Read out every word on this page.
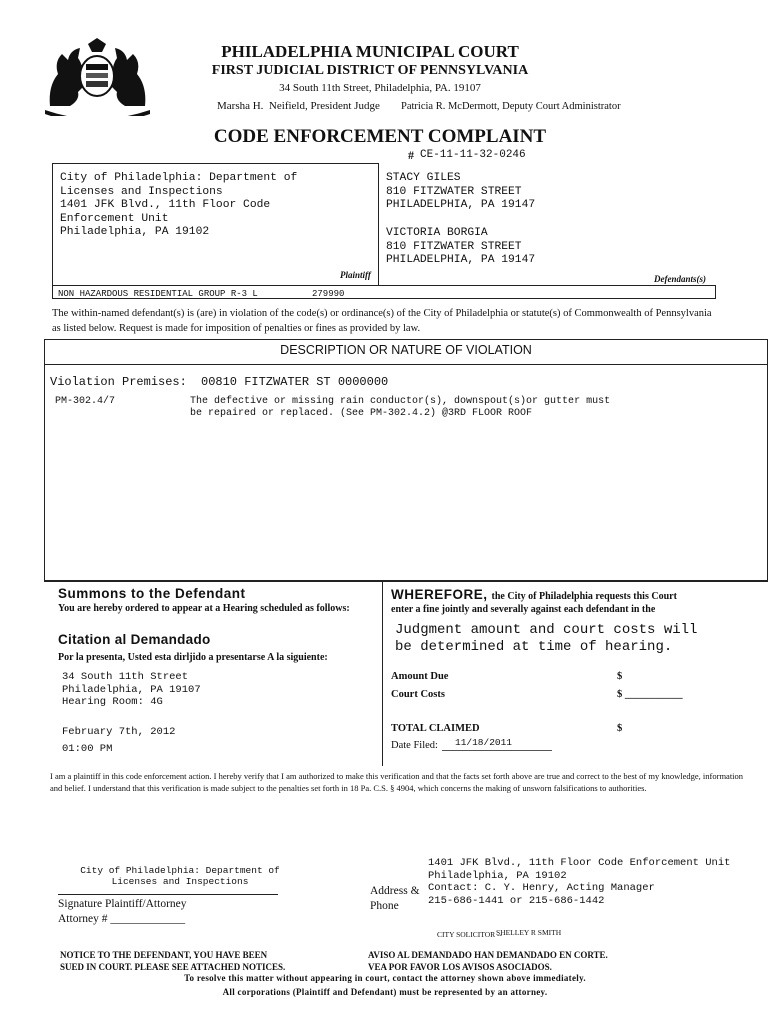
PHILADELPHIA MUNICIPAL COURT
FIRST JUDICIAL DISTRICT OF PENNSYLVANIA
34 South 11th Street, Philadelphia, PA. 19107
Marsha H.  Neifield, President Judge Patricia R. McDermott, Deputy Court Administrator
CODE ENFORCEMENT COMPLAINT
# CE-11-11-32-0246
City of Philadelphia: Department of
Licenses and Inspections
1401 JFK Blvd., 11th Floor Code
Enforcement Unit
Philadelphia, PA 19102
Plaintiff
STACY GILES
810 FITZWATER STREET
PHILADELPHIA, PA 19147
VICTORIA BORGIA
810 FITZWATER STREET
PHILADELPHIA, PA 19147
Defendants(s)
NON HAZARDOUS RESIDENTIAL GROUP R-3 L	279990
The within-named defendant(s) is (are) in violation of the code(s) or ordinance(s) of the City of Philadelphia or statute(s) of Commonwealth of Pennsylvania as listed below. Request is made for imposition of penalties or fines as provided by law.
DESCRIPTION OR NATURE OF VIOLATION
Violation Premises: 00810 FITZWATER ST 0000000
PM-302.4/7	The defective or missing rain conductor(s), downspout(s)or gutter must
be repaired or replaced. (See PM-302.4.2) @3RD FLOOR ROOF
Summons to the Defendant
You are hereby ordered to appear at a Hearing scheduled as follows:
Citation al Demandado
Por la presenta, Usted esta dirljido a presentarse A la siguiente:
34 South 11th Street
Philadelphia, PA 19107
Hearing Room: 4G
February 7th, 2012
01:00 PM
WHEREFORE, the City of Philadelphia requests this Court
enter a fine jointly and severally against each defendant in the
Judgment amount and court costs will
be determined at time of hearing.
Amount Due	$
Court Costs	$ ___________
TOTAL CLAIMED	$
Date Filed: 11/18/2011
I am a plaintiff in this code enforcement action. I hereby verify that I am authorized to make this verification and that the facts set forth above are true and correct to the best of my knowledge, information and belief. I understand that this verification is made subject to the penalties set forth in 18 Pa. C.S. § 4904, which concerns the making of unsworn falsifications to authorities.
City of Philadelphia: Department of
Licenses and Inspections
Signature Plaintiff/Attorney
Attorney # _____________
Address &
Phone
1401 JFK Blvd., 11th Floor Code Enforcement Unit
Philadelphia, PA 19102
Contact: C. Y. Henry, Acting Manager
215-686-1441 or 215-686-1442
CITY SOLICITOR --
SHELLEY R SMITH
NOTICE TO THE DEFENDANT, YOU HAVE BEEN
SUED IN COURT. PLEASE SEE ATTACHED NOTICES.
AVISO AL DEMANDADO HAN DEMANDADO EN CORTE.
VEA POR FAVOR LOS AVISOS ASOCIADOS.
To resolve this matter without appearing in court, contact the attorney shown above immediately.
All corporations (Plaintiff and Defendant) must be represented by an attorney.
